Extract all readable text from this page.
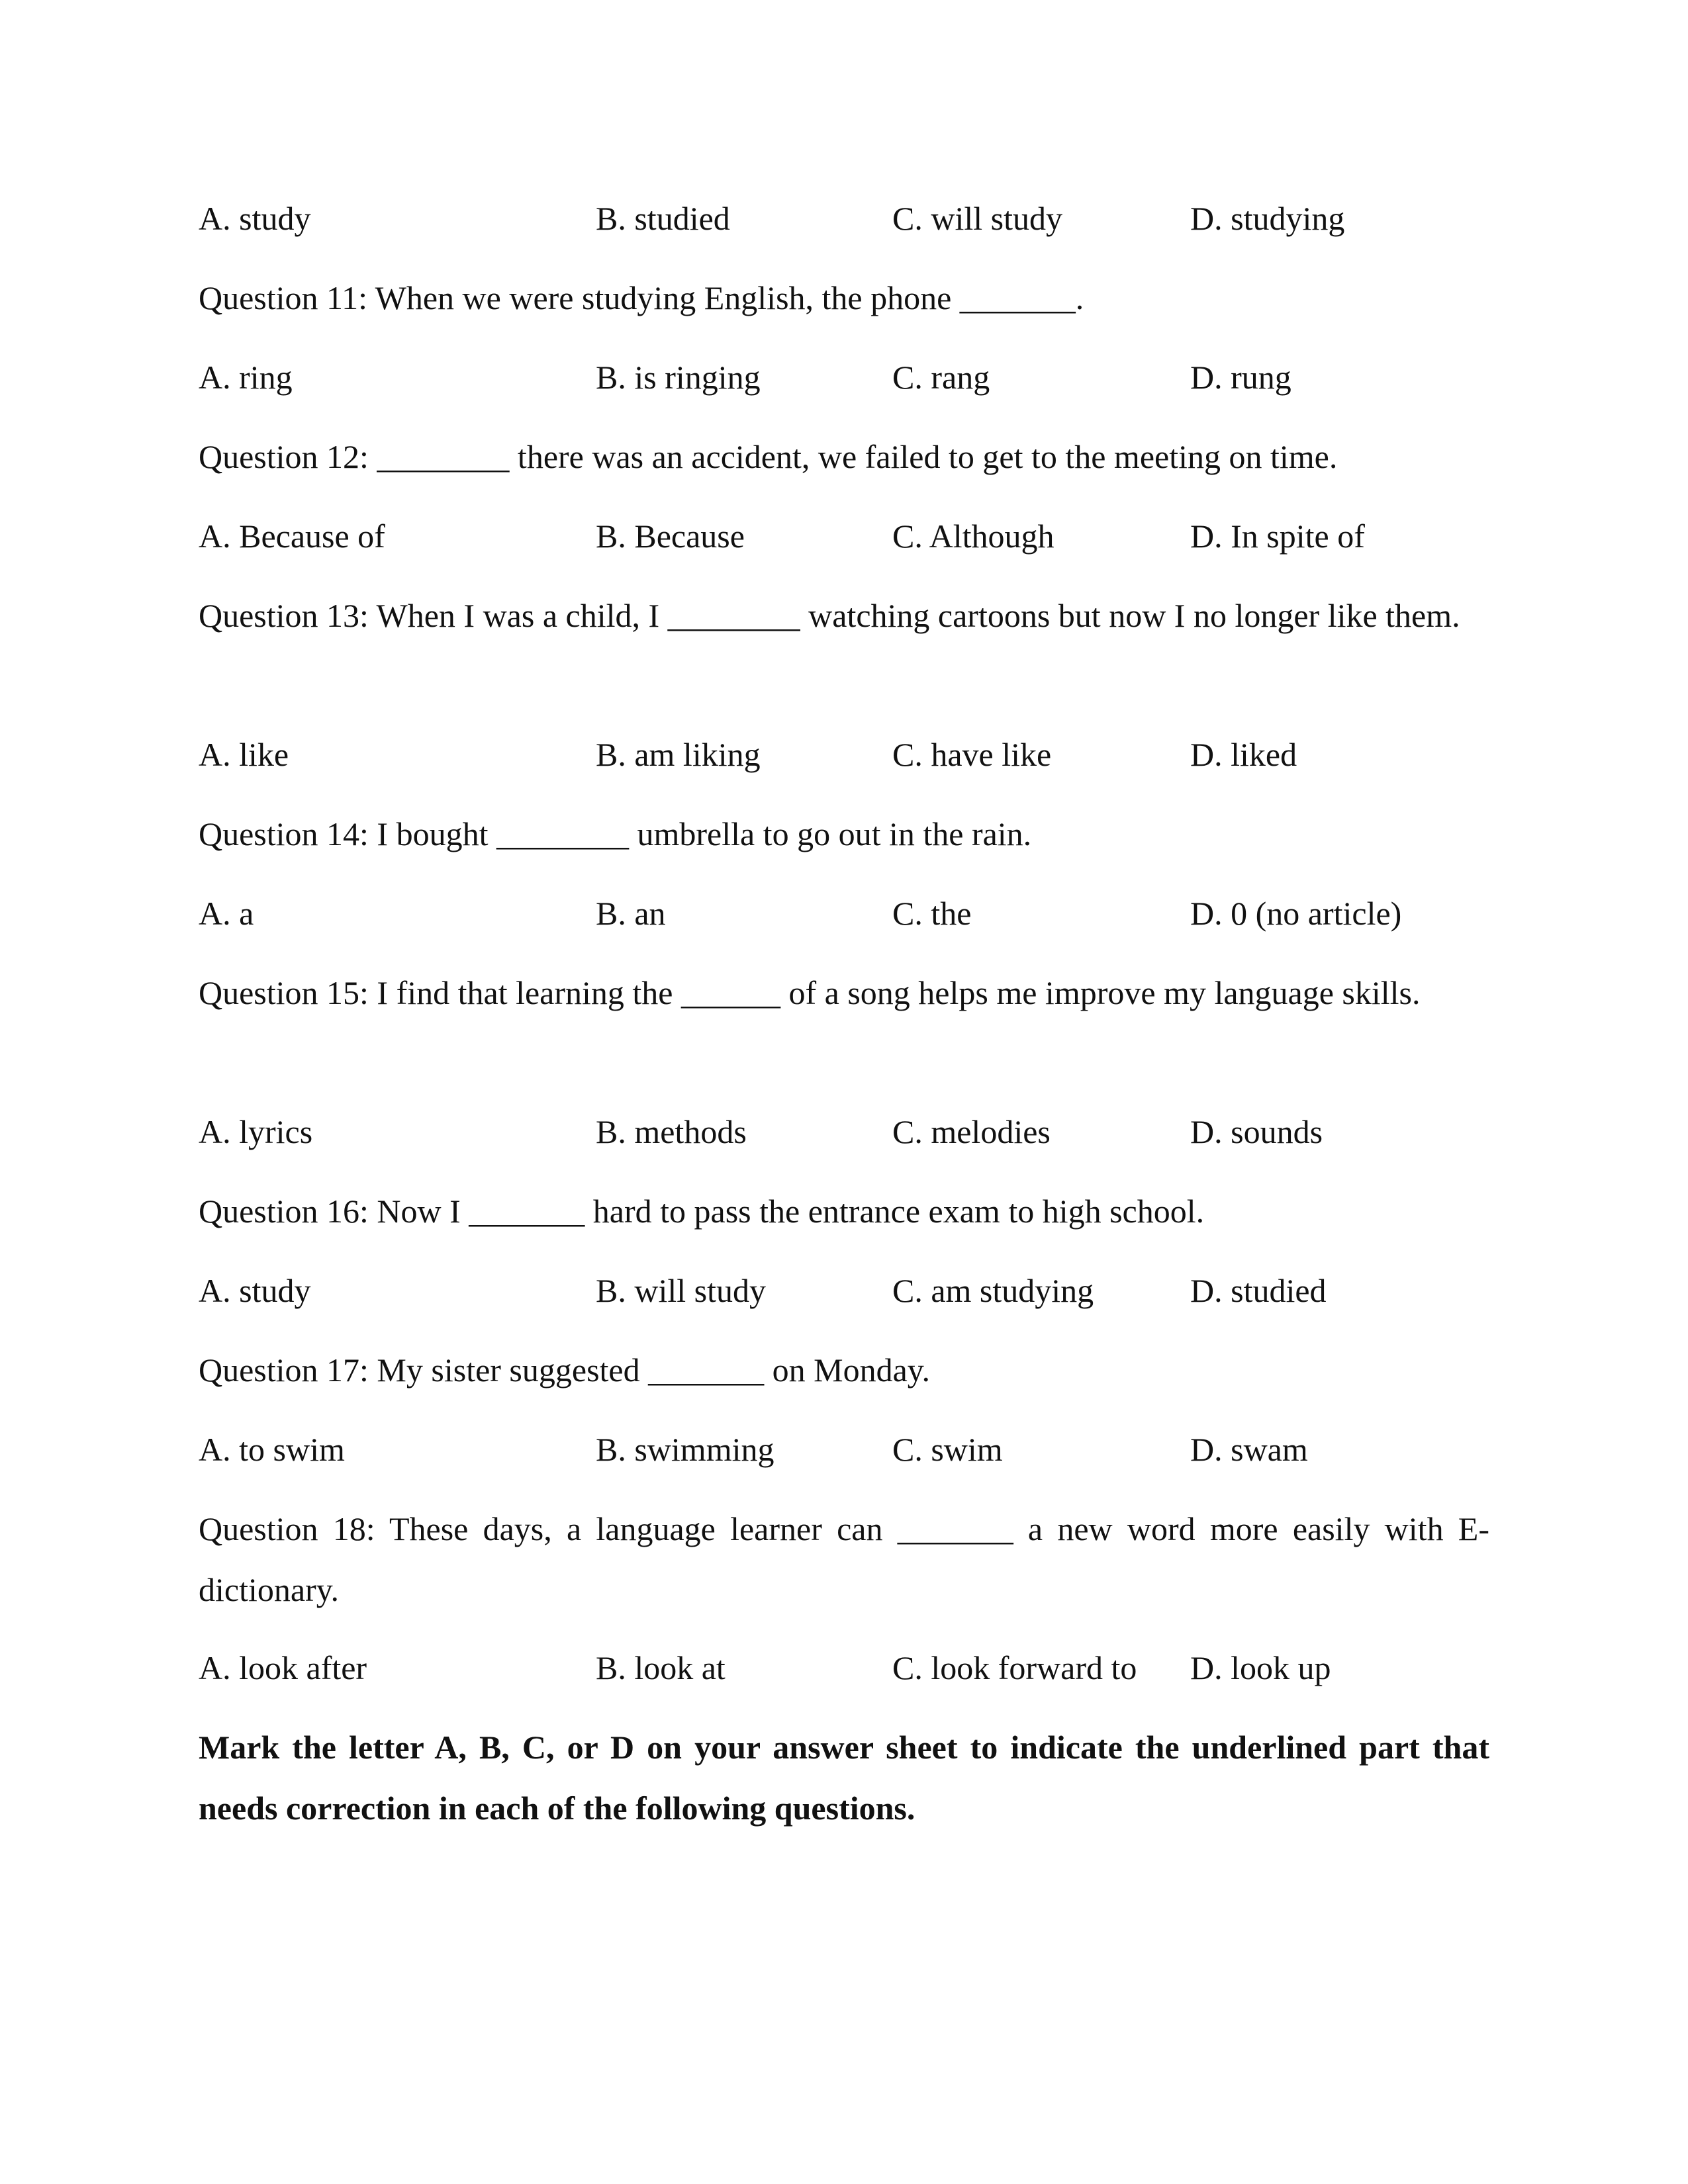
A. study	B. studied	C. will study	D. studying
Question 11: When we were studying English, the phone _______.
A. ring	B. is ringing	C. rang	D. rung
Question 12: ________ there was an accident, we failed to get to the meeting on time.
A. Because of	B. Because	C. Although	D. In spite of
Question 13: When I was a child, I ________ watching cartoons but now I no longer like them.
A. like	B. am liking	C. have like	D. liked
Question 14: I bought ________ umbrella to go out in the rain.
A. a	B. an	C. the	D. 0 (no article)
Question 15: I find that learning the ______ of a song helps me improve my language skills.
A. lyrics	B. methods	C. melodies	D. sounds
Question 16: Now I _______ hard to pass the entrance exam to high school.
A. study	B. will study	C. am studying	D. studied
Question 17: My sister suggested _______ on Monday.
A. to swim	B. swimming	C. swim	D. swam
Question 18: These days, a language learner can _______ a new word more easily with E-dictionary.
A. look after	B. look at	C. look forward to D. look up
Mark the letter A, B, C, or D on your answer sheet to indicate the underlined part that needs correction in each of the following questions.
